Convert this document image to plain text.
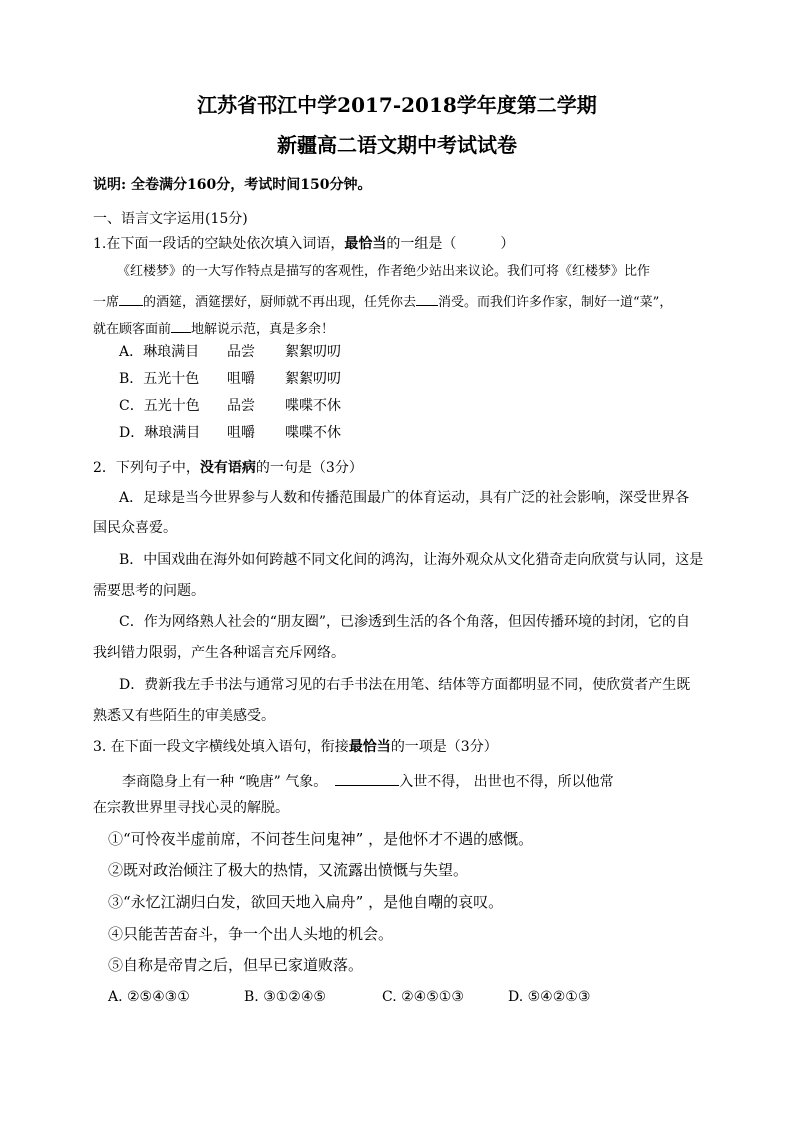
江苏省邗江中学2017-2018学年度第二学期
新疆高二语文期中考试试卷
说明: 全卷满分160分，考试时间150分钟。
一、语言文字运用(15分)
1.在下面一段话的空缺处依次填入词语，最恰当的一组是（	）
《红楼梦》的一大写作特点是描写的客观性，作者绝少站出来议论。我们可将《红楼梦》比作
一席 的酒筵，酒筵摆好，厨师就不再出现，任凭你去 消受。而我们许多作家，制好一道“菜”，
就在顾客面前 地解说示范，真是多余！
A．琳琅满目 品尝 絮絮叨叨
B．五光十色 咀嚼 絮絮叨叨
C．五光十色 品尝 喋喋不休
D．琳琅满目 咀嚼 喋喋不休
2．下列句子中，没有语病的一句是（3分）
A．足球是当今世界参与人数和传播范围最广的体育运动，具有广泛的社会影响，深受世界各
国民众喜爱。
B．中国戏曲在海外如何跨越不同文化间的鸿沟，让海外观众从文化猎奇走向欣赏与认同，这是
需要思考的问题。
C．作为网络熟人社会的“朋友圈”，已渗透到生活的各个角落，但因传播环境的封闭，它的自
我纠错力限弱，产生各种谣言充斥网络。
D．费新我左手书法与通常习见的右手书法在用笔、结体等方面都明显不同，使欣赏者产生既
熟悉又有些陌生的审美感受。
3. 在下面一段文字横线处填入语句，衔接最恰当的一项是（3分）
李商隐身上有一种 “晚唐” 气象。	入世不得， 出世也不得，所以他常
在宗教世界里寻找心灵的解脱。
①“可怜夜半虚前席，不问苍生问鬼神” ，是他怀才不遇的感慨。
②既对政治倾注了极大的热情，又流露出愤慨与失望。
③“永忆江湖归白发，欲回天地入扁舟” ，是他自嘲的哀叹。
④只能苦苦奋斗，争一个出人头地的机会。
⑤自称是帝胄之后，但早已家道败落。
A. ②⑤④③①	B. ③①②④⑤	C. ②④⑤①③	D. ⑤④②①③
